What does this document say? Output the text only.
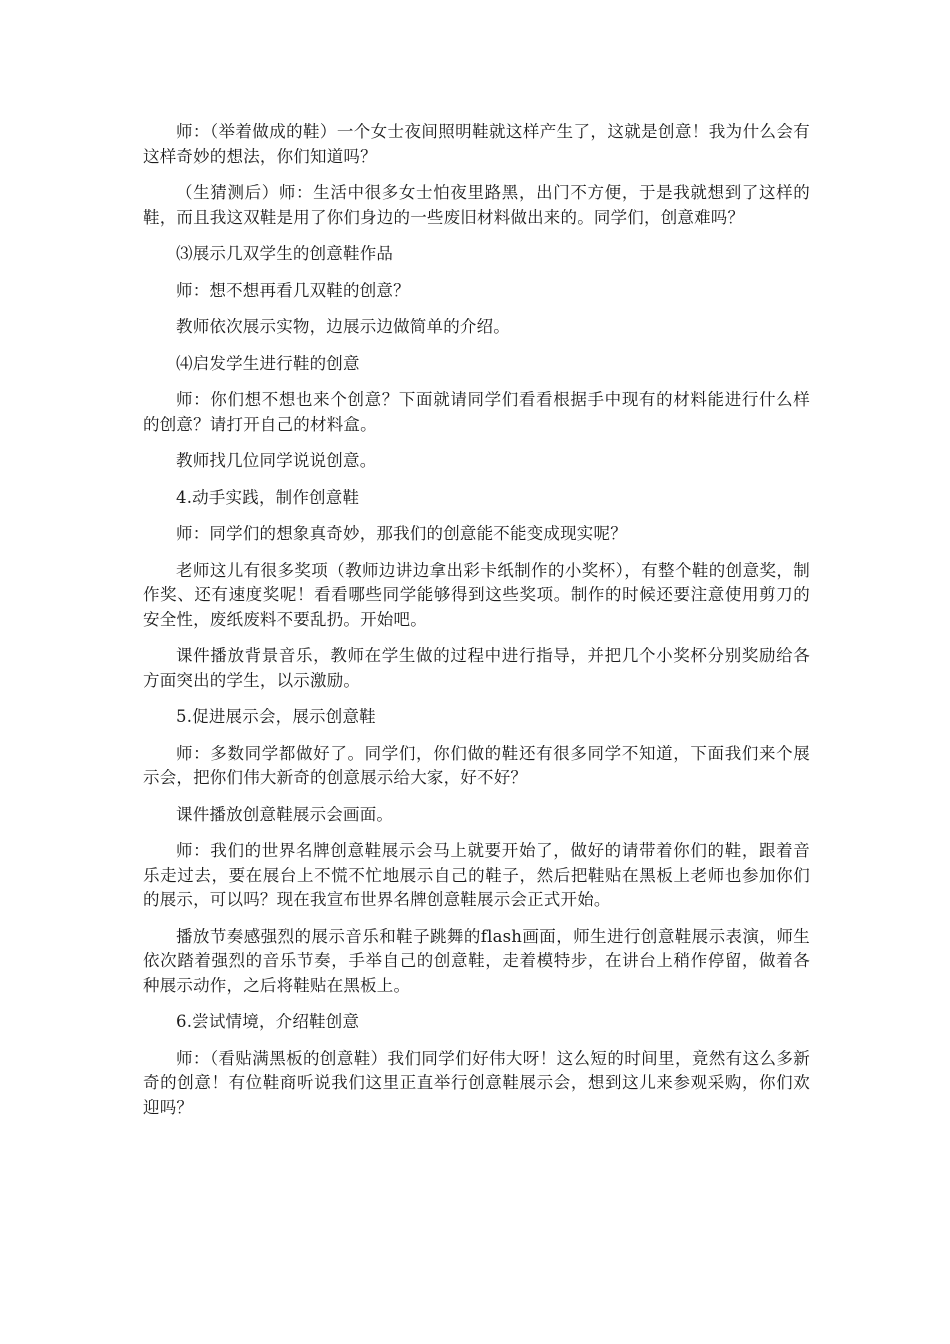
师：（举着做成的鞋）一个女士夜间照明鞋就这样产生了，这就是创意！我为什么会有这样奇妙的想法，你们知道吗？

（生猜测后）师：生活中很多女士怕夜里路黑，出门不方便，于是我就想到了这样的鞋，而且我这双鞋是用了你们身边的一些废旧材料做出来的。同学们，创意难吗？

⑶展示几双学生的创意鞋作品

师：想不想再看几双鞋的创意？

教师依次展示实物，边展示边做简单的介绍。

⑷启发学生进行鞋的创意

师：你们想不想也来个创意？下面就请同学们看看根据手中现有的材料能进行什么样的创意？请打开自己的材料盒。

教师找几位同学说说创意。

4.动手实践，制作创意鞋

师：同学们的想象真奇妙，那我们的创意能不能变成现实呢？

老师这儿有很多奖项（教师边讲边拿出彩卡纸制作的小奖杯），有整个鞋的创意奖，制作奖、还有速度奖呢！看看哪些同学能够得到这些奖项。制作的时候还要注意使用剪刀的安全性，废纸废料不要乱扔。开始吧。

课件播放背景音乐，教师在学生做的过程中进行指导，并把几个小奖杯分别奖励给各方面突出的学生，以示激励。

5.促进展示会，展示创意鞋

师：多数同学都做好了。同学们，你们做的鞋还有很多同学不知道，下面我们来个展示会，把你们伟大新奇的创意展示给大家，好不好？

课件播放创意鞋展示会画面。

师：我们的世界名牌创意鞋展示会马上就要开始了，做好的请带着你们的鞋，跟着音乐走过去，要在展台上不慌不忙地展示自己的鞋子，然后把鞋贴在黑板上老师也参加你们的展示，可以吗？现在我宣布世界名牌创意鞋展示会正式开始。

播放节奏感强烈的展示音乐和鞋子跳舞的flash画面，师生进行创意鞋展示表演，师生依次踏着强烈的音乐节奏，手举自己的创意鞋，走着模特步，在讲台上稍作停留，做着各种展示动作，之后将鞋贴在黑板上。

6.尝试情境，介绍鞋创意

师：（看贴满黑板的创意鞋）我们同学们好伟大呀！这么短的时间里，竟然有这么多新奇的创意！有位鞋商听说我们这里正直举行创意鞋展示会，想到这儿来参观采购，你们欢迎吗？
